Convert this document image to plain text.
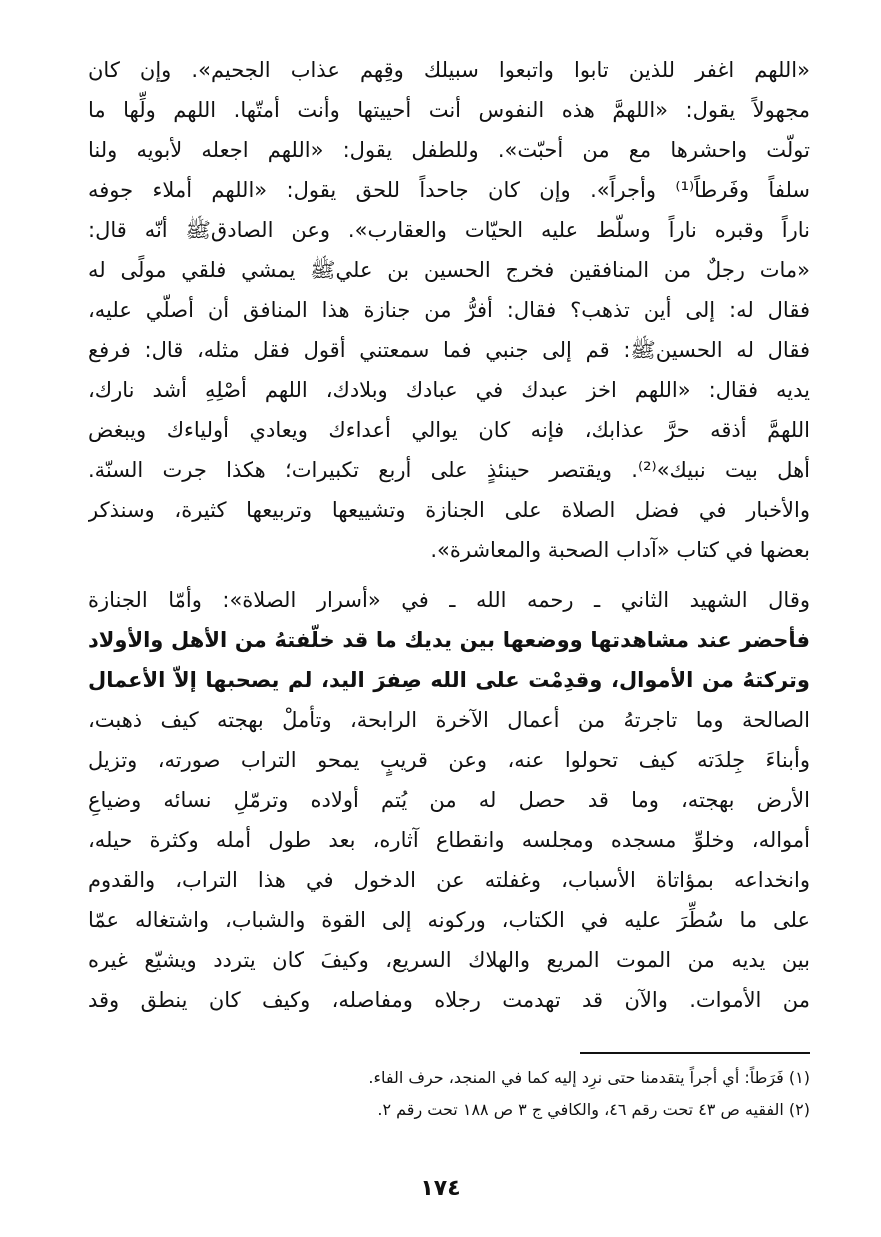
«اللهم اغفر للذين تابوا واتبعوا سبيلك وقِهم عذاب الجحيم». وإن كان
مجهولاً يقول: «اللهمَّ هذه النفوس أنت أحييتها وأنت أمتّها. اللهم ولِّها ما
تولّت واحشرها مع من أحبّت». وللطفل يقول: «اللهم اجعله لأبويه ولنا
سلفاً وفَرطاً⁽¹⁾ وأجراً». وإن كان جاحداً للحق يقول: «اللهم أملاء جوفه
ناراً وقبره ناراً وسلّط عليه الحيّات والعقارب». وعن الصادقﷺ أنّه قال:
«مات رجلٌ من المنافقين فخرج الحسين بن عليﷺ يمشي فلقي مولًى له
فقال له: إلى أين تذهب؟ فقال: أفرُّ من جنازة هذا المنافق أن أصلّي عليه،
فقال له الحسينﷺ: قم إلى جنبي فما سمعتني أقول فقل مثله، قال: فرفع
يديه فقال: «اللهم اخز عبدك في عبادك وبلادك، اللهم أصْلِهِ أشد نارك،
اللهمَّ أذقه حرَّ عذابك، فإنه كان يوالي أعداءك ويعادي أولياءك ويبغض
أهل بيت نبيك»⁽²⁾. ويقتصر حينئذٍ على أربع تكبيرات؛ هكذا جرت السنّة.
والأخبار في فضل الصلاة على الجنازة وتشييعها وتربيعها كثيرة، وسنذكر
بعضها في كتاب «آداب الصحبة والمعاشرة».
وقال الشهيد الثاني ـ رحمه الله ـ في «أسرار الصلاة»: وأمّا الجنازة
فأحضر عند مشاهدتها ووضعها بين يديك ما قد خلّفتهُ من الأهل والأولاد
وتركتهُ من الأموال، وقدِمْت على الله صِفرَ اليد، لم يصحبها إلاّ الأعمال
الصالحة وما تاجرتهُ من أعمال الآخرة الرابحة، وتأملْ بهجته كيف ذهبت،
وأبناءَ جِلدَته كيف تحولوا عنه، وعن قريبٍ يمحو التراب صورته، وتزيل
الأرض بهجته، وما قد حصل له من يُتم أولاده وترمّلِ نسائه وضياعِ
أمواله، وخلوِّ مسجده ومجلسه وانقطاع آثاره، بعد طول أمله وكثرة حيله،
وانخداعه بمؤاتاة الأسباب، وغفلته عن الدخول في هذا التراب، والقدوم
على ما سُطِّرَ عليه في الكتاب، وركونه إلى القوة والشباب، واشتغاله عمّا
بين يديه من الموت المريع والهلاك السريع، وكيفَ كان يتردد ويشيّع غيره
من الأموات. والآن قد تهدمت رجلاه ومفاصله، وكيف كان ينطق وقد
(١) فَرَطاً: أي أجراً يتقدمنا حتى نرِد إليه كما في المنجد، حرف الفاء.
(٢) الفقيه ص ٤٣ تحت رقم ٤٦، والكافي ج ٣ ص ١٨٨ تحت رقم ٢.
١٧٤
